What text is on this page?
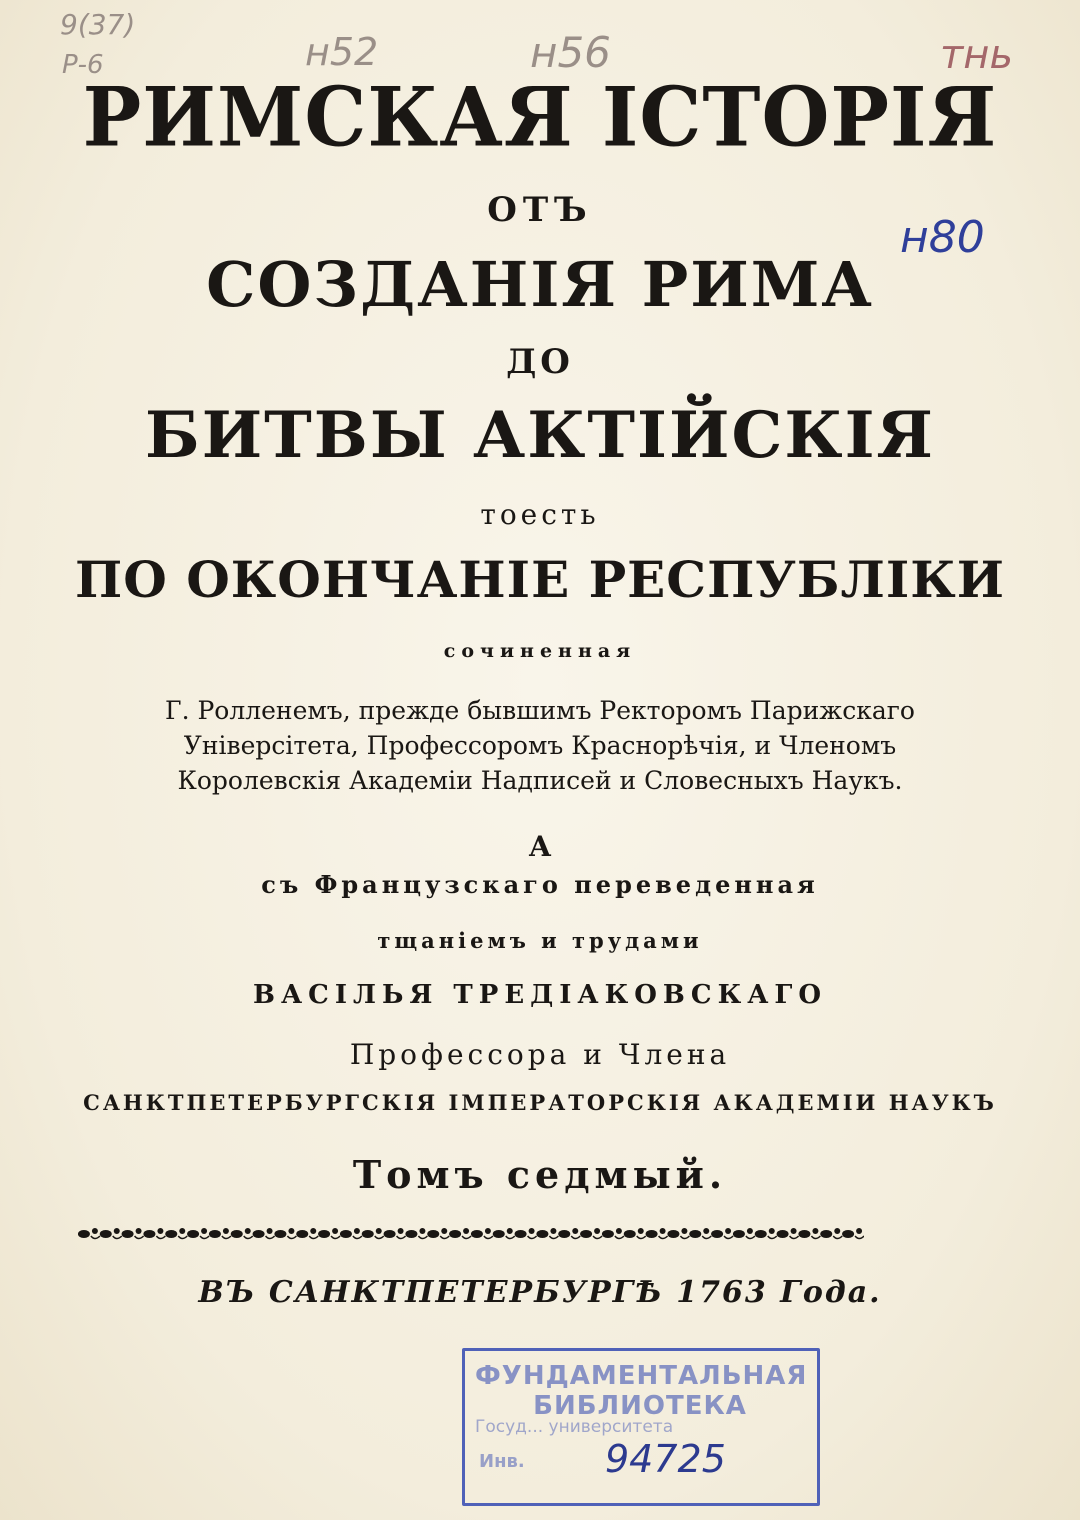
9(37)
Р-6	н52	н56	тнь
н80
РИМСКАЯ ІСТОРІЯ
ОТЪ
СОЗДАНІЯ РИМА
ДО
БИТВЫ АКТІЙСКІЯ
тоесть
ПО ОКОНЧАНІЕ РЕСПУБЛІКИ
сочиненная
Г. Ролленемъ, прежде бывшимъ Ректоромъ Парижскаго
Універсітета, Профессоромъ Краснорѣчія, и Членомъ
Королевскія Академіи Надписей и Словесныхъ Наукъ.
А
съ Французскаго переведенная
тщаніемъ и трудами
ВАСІЛЬЯ ТРЕДІАКОВСКАГО
Профессора и Члена
САНКТПЕТЕРБУРГСКІЯ ІМПЕРАТОРСКІЯ АКАДЕМІИ НАУКЪ
Томъ седмый.
ВЪ САНКТПЕТЕРБУРГѢ 1763 Года.
ФУНДАМЕНТАЛЬНАЯ БИБЛИОТЕКА
Госуд... университета
Инв. 94725
